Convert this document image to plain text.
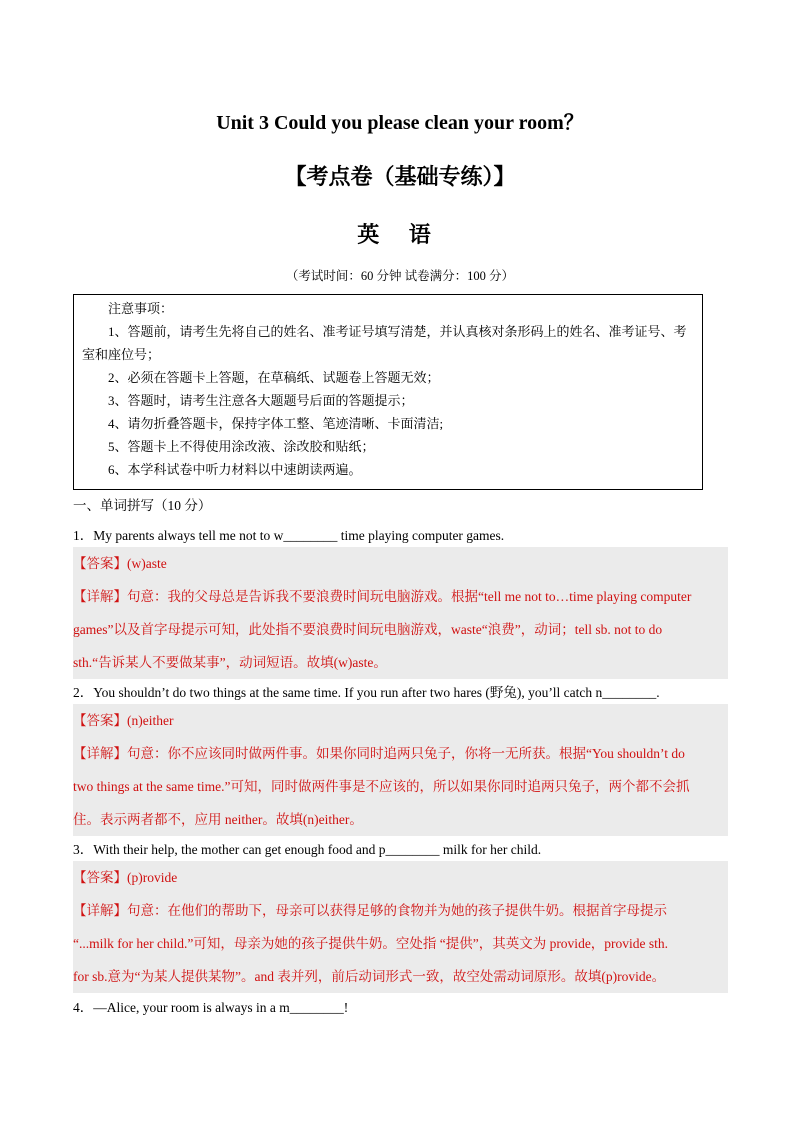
Unit 3 Could you please clean your room？
【考点卷（基础专练）】
英 语
（考试时间：60 分钟 试卷满分：100 分）
注意事项：
1、答题前，请考生先将自己的姓名、准考证号填写清楚，并认真核对条形码上的姓名、准考证号、考室和座位号；
2、必须在答题卡上答题，在草稿纸、试题卷上答题无效；
3、答题时，请考生注意各大题题号后面的答题提示；
4、请勿折叠答题卡，保持字体工整、笔迹清晰、卡面清洁;
5、答题卡上不得使用涂改液、涂改胶和贴纸；
6、本学科试卷中听力材料以中速朗读两遍。
一、单词拼写（10 分）
1．My parents always tell me not to w________ time playing computer games.
【答案】(w)aste
【详解】句意：我的父母总是告诉我不要浪费时间玩电脑游戏。根据“tell me not to…time playing computer
games”以及首字母提示可知，此处指不要浪费时间玩电脑游戏，waste“浪费”，动词；tell sb. not to do
sth.“告诉某人不要做某事”，动词短语。故填(w)aste。
2．You shouldn’t do two things at the same time. If you run after two hares (野兔), you’ll catch n________.
【答案】(n)either
【详解】句意：你不应该同时做两件事。如果你同时追两只兔子，你将一无所获。根据“You shouldn’t do
two things at the same time.”可知，同时做两件事是不应该的，所以如果你同时追两只兔子，两个都不会抓
住。表示两者都不，应用 neither。故填(n)either。
3．With their help, the mother can get enough food and p________ milk for her child.
【答案】(p)rovide
【详解】句意：在他们的帮助下，母亲可以获得足够的食物并为她的孩子提供牛奶。根据首字母提示
“...milk for her child.”可知，母亲为她的孩子提供牛奶。空处指 “提供”，其英文为 provide，provide sth.
for sb.意为“为某人提供某物”。and 表并列，前后动词形式一致，故空处需动词原形。故填(p)rovide。
4．—Alice, your room is always in a m________!
